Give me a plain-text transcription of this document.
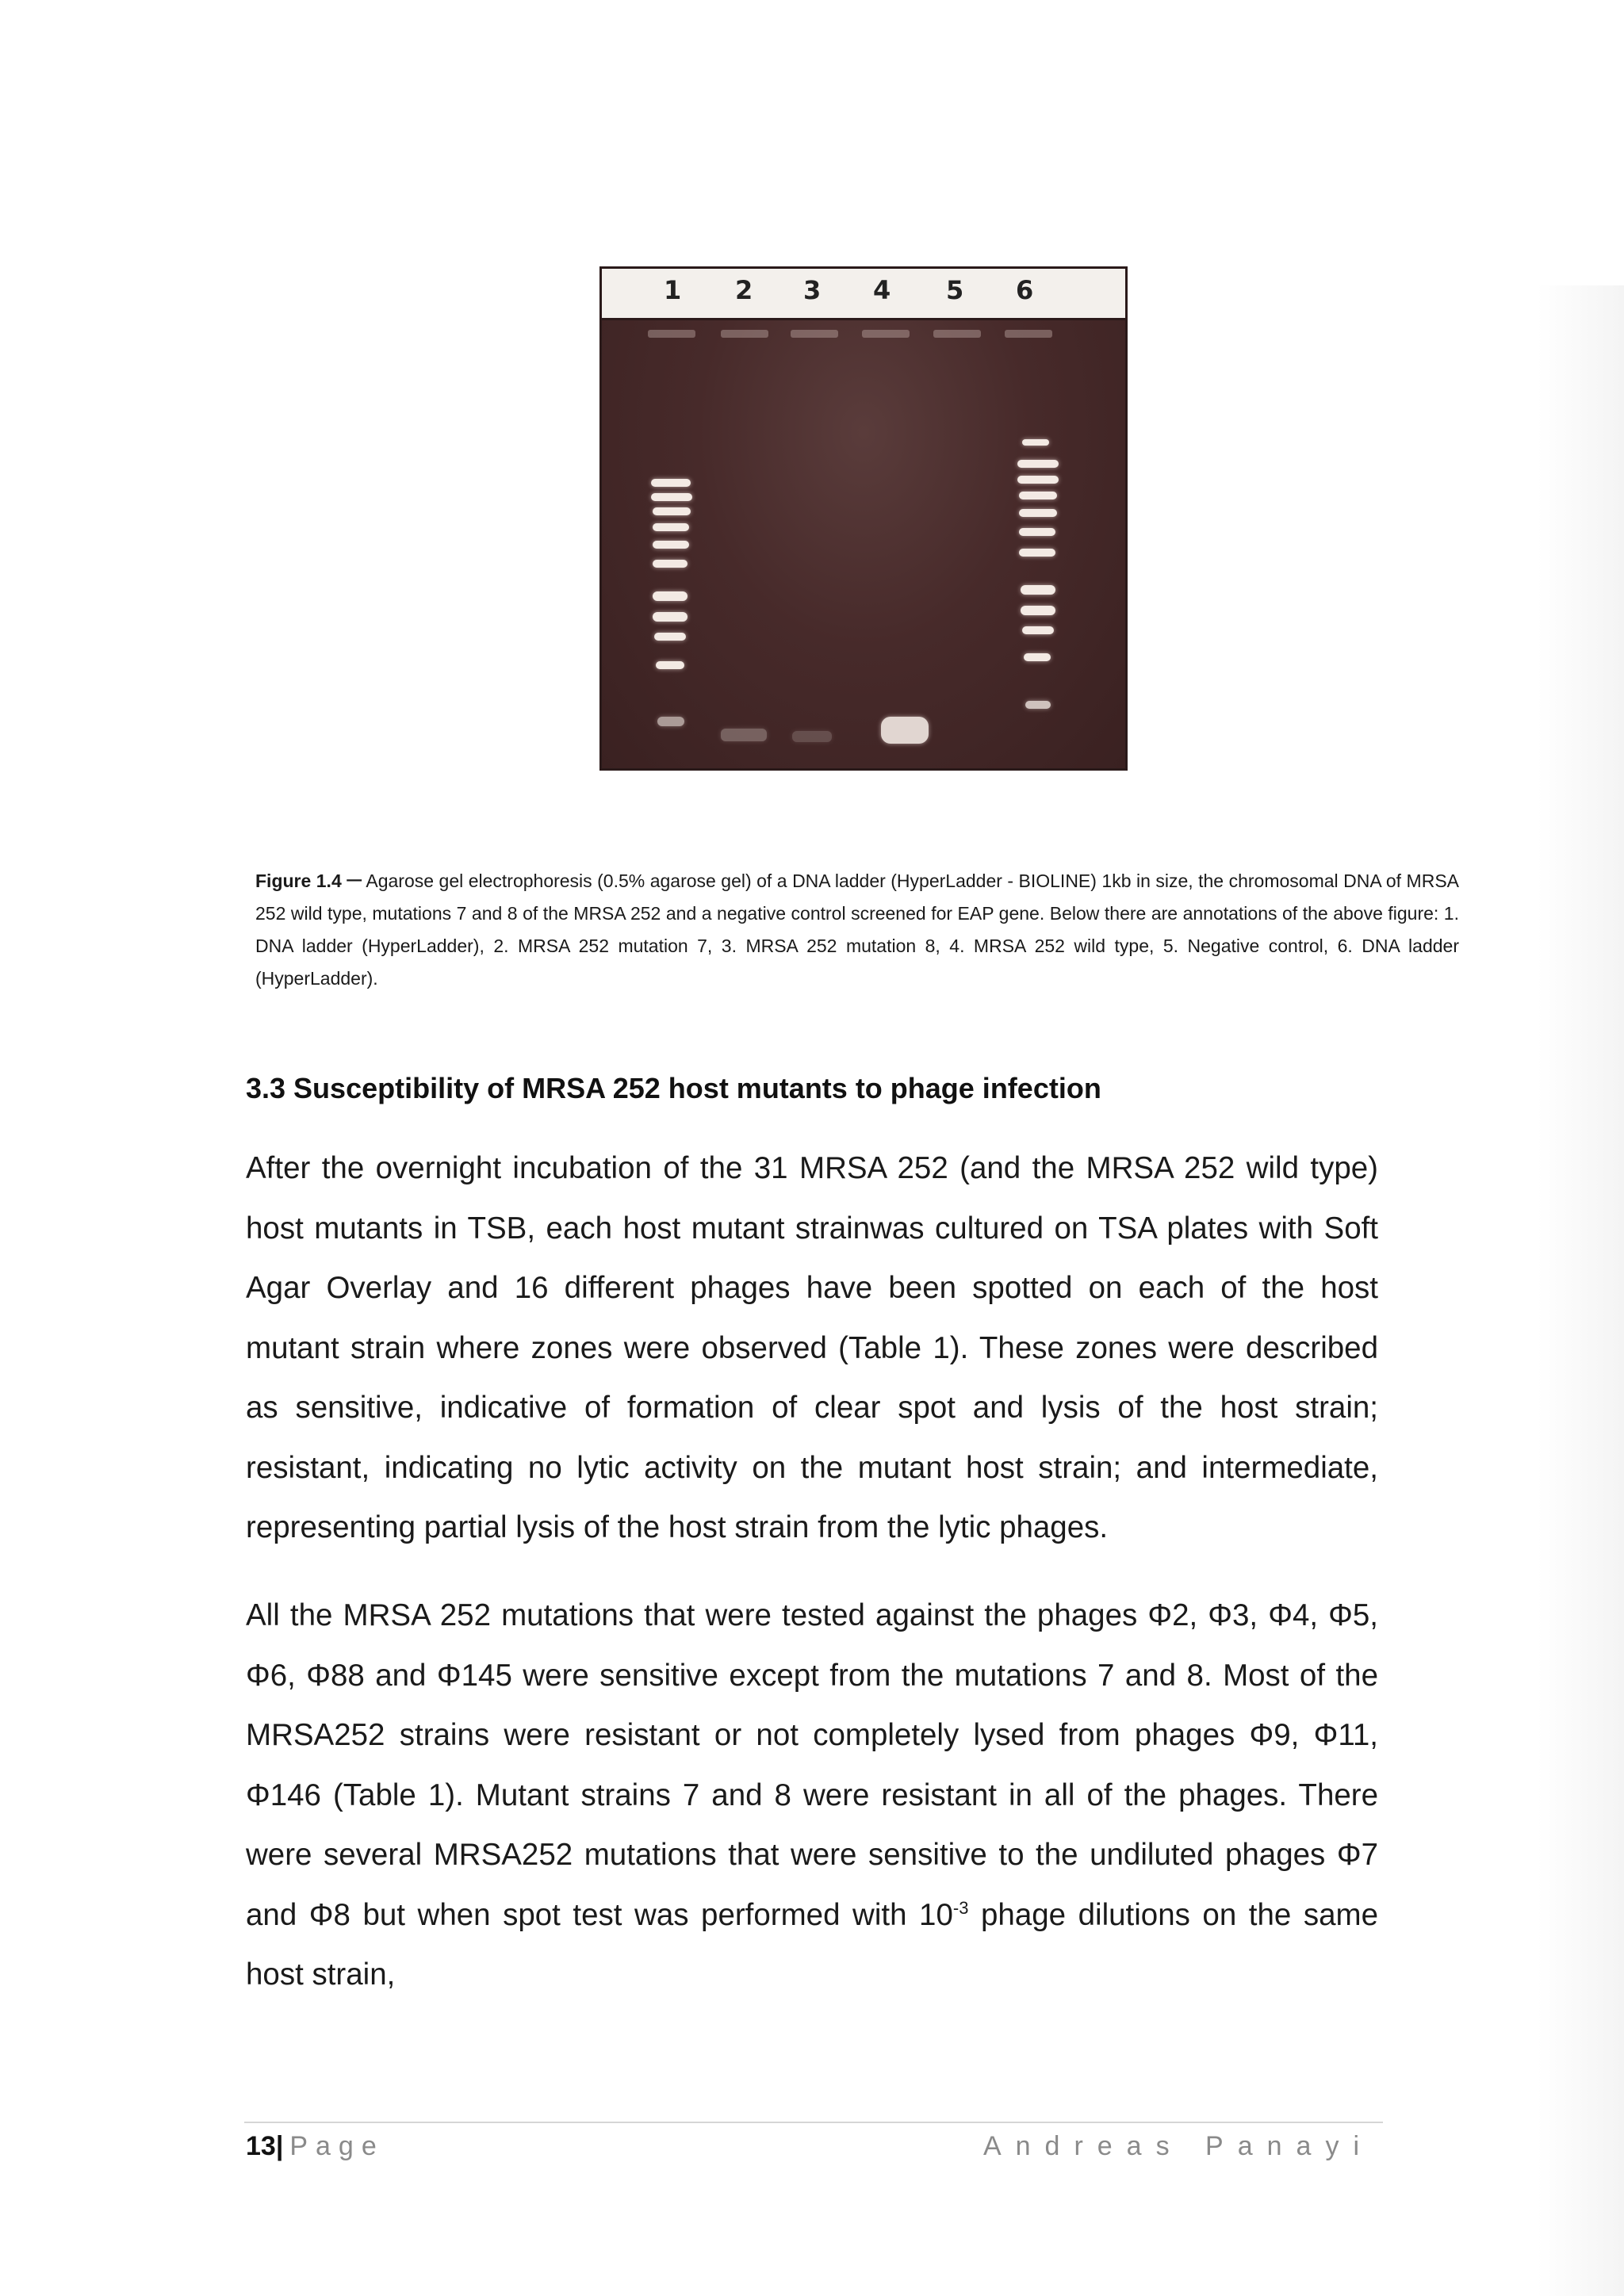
1 2 3 4 5 6
Figure 1.4 – Agarose gel electrophoresis (0.5% agarose gel) of a DNA ladder (HyperLadder - BIOLINE) 1kb in size, the chromosomal DNA of MRSA 252 wild type, mutations 7 and 8 of the MRSA 252 and a negative control screened for EAP gene. Below there are annotations of the above figure: 1. DNA ladder (HyperLadder), 2. MRSA 252 mutation 7, 3. MRSA 252 mutation 8, 4. MRSA 252 wild type, 5. Negative control, 6. DNA ladder (HyperLadder).
3.3 Susceptibility of MRSA 252 host mutants to phage infection
After the overnight incubation of the 31 MRSA 252 (and the MRSA 252 wild type) host mutants in TSB, each host mutant strainwas cultured on TSA plates with Soft Agar Overlay and 16 different phages have been spotted on each of the host mutant strain where zones were observed (Table 1). These zones were described as sensitive, indicative of formation of clear spot and lysis of the host strain; resistant, indicating no lytic activity on the mutant host strain; and intermediate, representing partial lysis of the host strain from the lytic phages.
All the MRSA 252 mutations that were tested against the phages Φ2, Φ3, Φ4, Φ5, Φ6, Φ88 and Φ145 were sensitive except from the mutations 7 and 8. Most of the MRSA252 strains were resistant or not completely lysed from phages Φ9, Φ11, Φ146 (Table 1). Mutant strains 7 and 8 were resistant in all of the phages. There were several MRSA252 mutations that were sensitive to the undiluted phages Φ7 and Φ8 but when spot test was performed with $10^{-3}$ phage dilutions on the same host strain,
13| Page	Andreas Panayi
